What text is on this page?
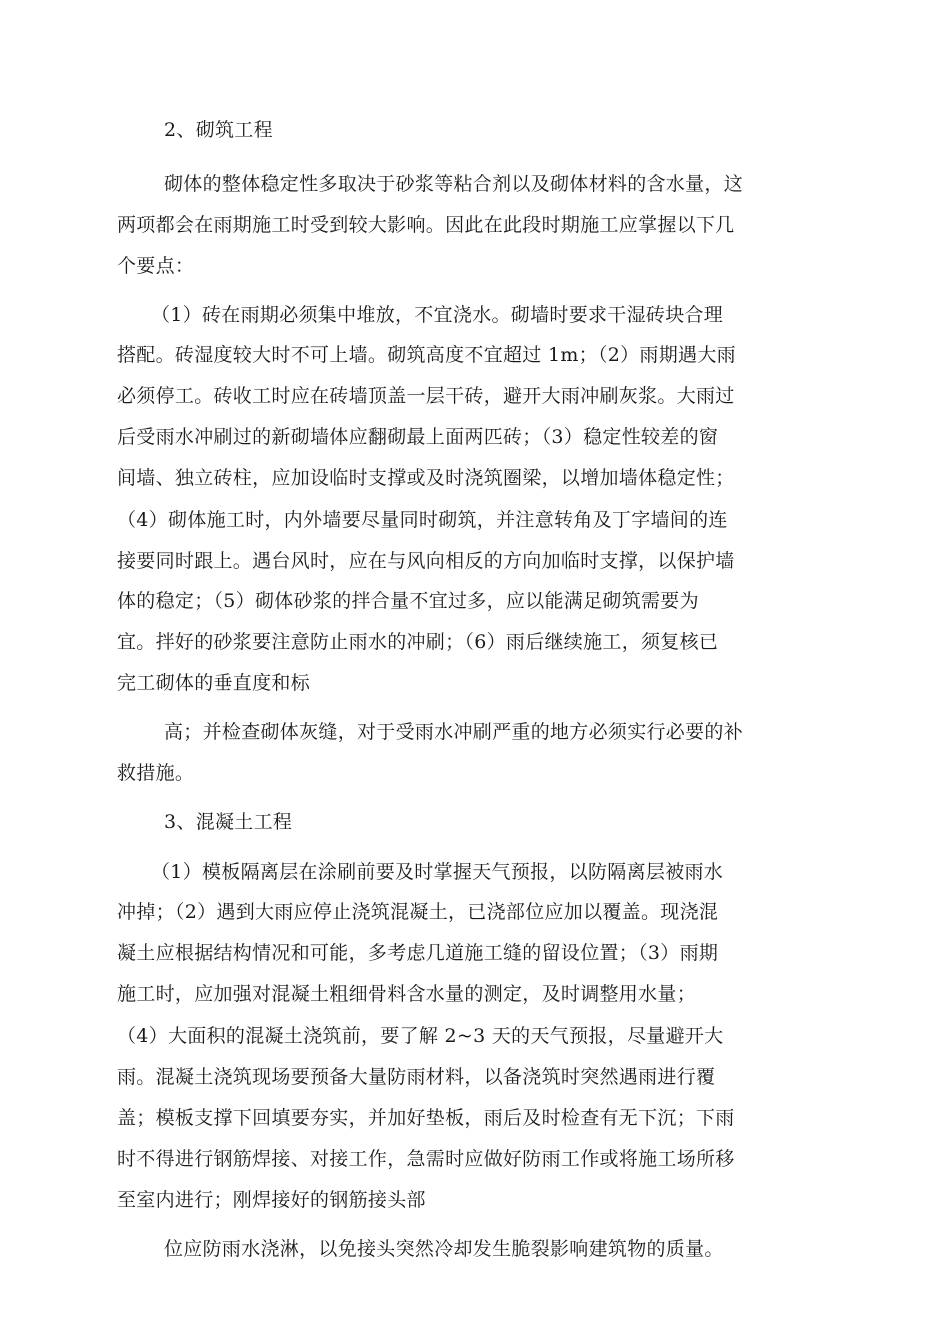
2、砌筑工程
砌体的整体稳定性多取决于砂浆等粘合剂以及砌体材料的含水量，这
两项都会在雨期施工时受到较大影响。因此在此段时期施工应掌握以下几
个要点：
（1）砖在雨期必须集中堆放，不宜浇水。砌墙时要求干湿砖块合理
搭配。砖湿度较大时不可上墙。砌筑高度不宜超过 1m；（2）雨期遇大雨
必须停工。砖收工时应在砖墙顶盖一层干砖，避开大雨冲刷灰浆。大雨过
后受雨水冲刷过的新砌墙体应翻砌最上面两匹砖；（3）稳定性较差的窗
间墙、独立砖柱，应加设临时支撑或及时浇筑圈梁，以增加墙体稳定性；
（4）砌体施工时，内外墙要尽量同时砌筑，并注意转角及丁字墙间的连
接要同时跟上。遇台风时，应在与风向相反的方向加临时支撑，以保护墙
体的稳定；（5）砌体砂浆的拌合量不宜过多，应以能满足砌筑需要为
宜。拌好的砂浆要注意防止雨水的冲刷；（6）雨后继续施工，须复核已
完工砌体的垂直度和标
高；并检查砌体灰缝，对于受雨水冲刷严重的地方必须实行必要的补
救措施。
3、混凝土工程
（1）模板隔离层在涂刷前要及时掌握天气预报，以防隔离层被雨水
冲掉；（2）遇到大雨应停止浇筑混凝土，已浇部位应加以覆盖。现浇混
凝土应根据结构情况和可能，多考虑几道施工缝的留设位置；（3）雨期
施工时，应加强对混凝土粗细骨料含水量的测定，及时调整用水量；
（4）大面积的混凝土浇筑前，要了解 2~3 天的天气预报，尽量避开大
雨。混凝土浇筑现场要预备大量防雨材料，以备浇筑时突然遇雨进行覆
盖；模板支撑下回填要夯实，并加好垫板，雨后及时检查有无下沉；下雨
时不得进行钢筋焊接、对接工作，急需时应做好防雨工作或将施工场所移
至室内进行；刚焊接好的钢筋接头部
位应防雨水浇淋，以免接头突然冷却发生脆裂影响建筑物的质量。
